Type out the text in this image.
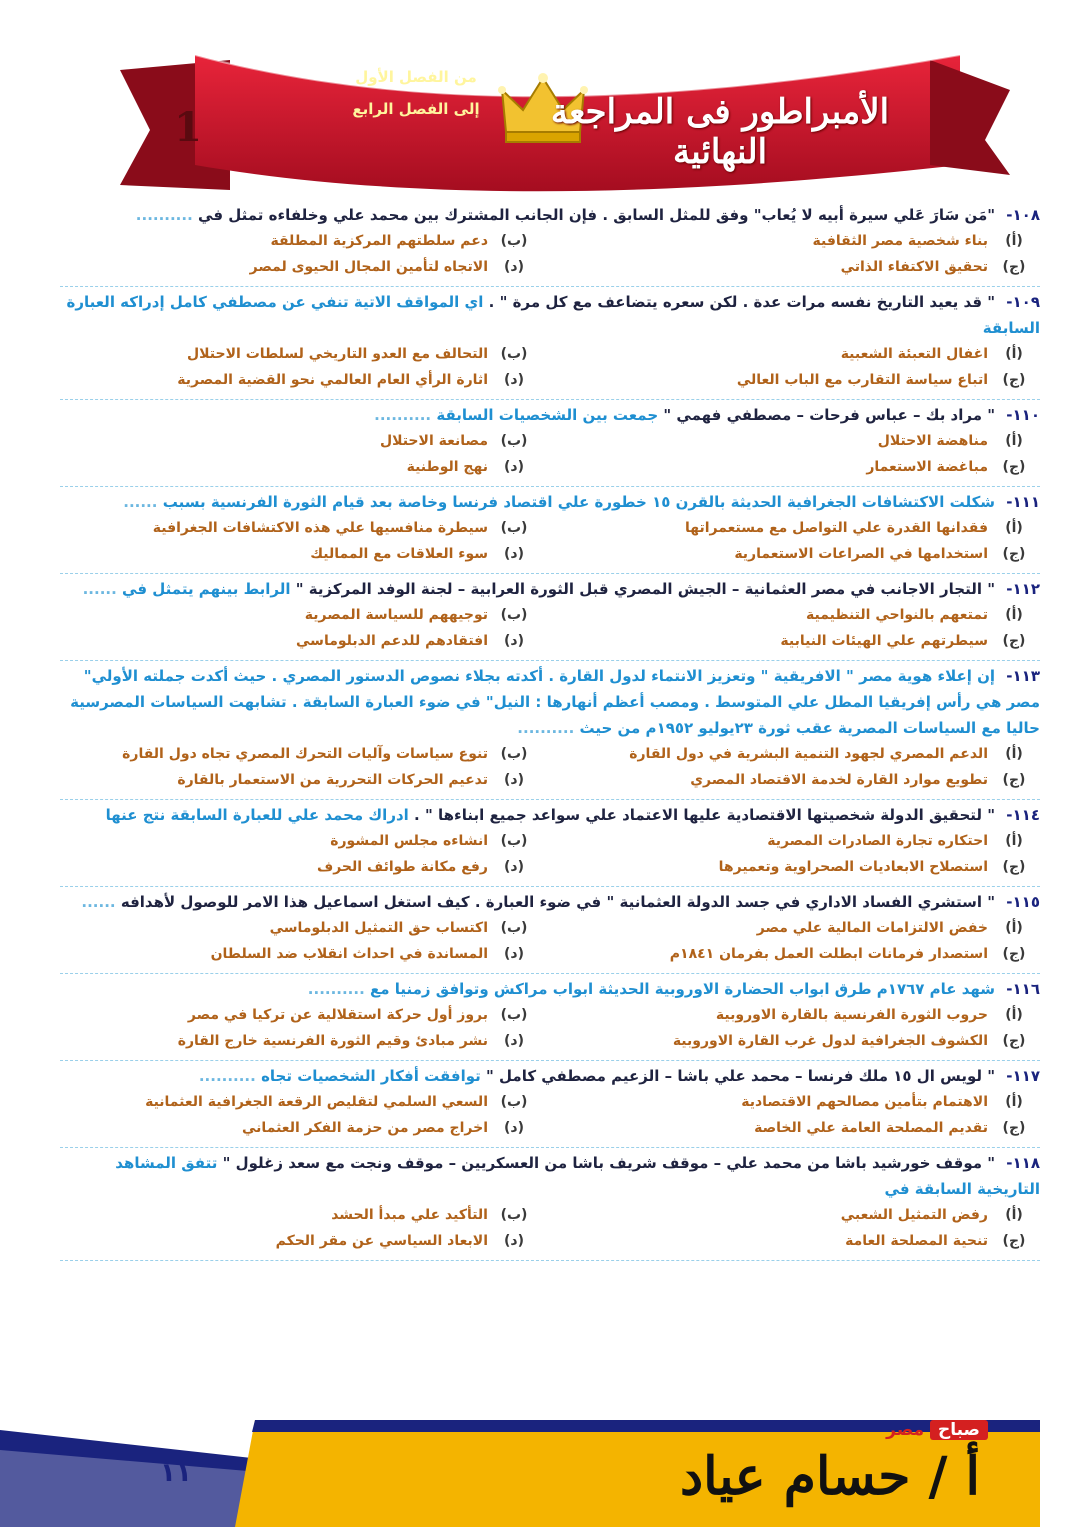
الأمبراطور فى المراجعة النهائية
من الفصل الأول
إلى الفصل الرابع
1
١٠٨- "مَن سَارَ عَلي سيرة أبيه لا يُعاب" وفق للمثل السابق . فإن الجانب المشترك بين محمد علي وخلفاءه تمثل في ..........
(أ)
بناء شخصية مصر الثقافية
(ب)
دعم سلطتهم المركزية المطلقة
(ج)
تحقيق الاكتفاء الذاتي
(د)
الاتجاه لتأمين المجال الحيوى لمصر
١٠٩- " قد يعيد التاريخ نفسه مرات عدة . لكن سعره يتضاعف مع كل مرة " . اي المواقف الاتية تنفي عن مصطفي كامل إدراكه العبارة السابقة
(أ)
اغفال التعبئة الشعبية
(ب)
التحالف مع العدو التاريخي لسلطات الاحتلال
(ج)
اتباع سياسة التقارب مع الباب العالي
(د)
اثارة الرأي العام العالمي نحو القضية المصرية
١١٠- " مراد بك – عباس فرحات – مصطفي فهمي " جمعت بين الشخصيات السابقة ..........
(أ)
مناهضة الاحتلال
(ب)
مصانعة الاحتلال
(ج)
مباغضة الاستعمار
(د)
نهج الوطنية
١١١- شكلت الاكتشافات الجغرافية الحديثة بالقرن ١٥ خطورة علي اقتصاد فرنسا وخاصة بعد قيام الثورة الفرنسية بسبب ......
(أ)
فقدانها القدرة علي التواصل مع مستعمراتها
(ب)
سيطرة منافسيها علي هذه الاكتشافات الجغرافية
(ج)
استخدامها في الصراعات الاستعمارية
(د)
سوء العلاقات مع المماليك
١١٢- " التجار الاجانب في مصر العثمانية – الجيش المصري قبل الثورة العرابية – لجنة الوفد المركزية " الرابط بينهم يتمثل في ......
(أ)
تمتعهم بالنواحي التنظيمية
(ب)
توجيههم للسياسة المصرية
(ج)
سيطرتهم علي الهيئات النيابية
(د)
افتقادهم للدعم الدبلوماسي
١١٣- إن إعلاء هوية مصر " الافريقية " وتعزيز الانتماء لدول القارة . أكدته بجلاء نصوص الدستور المصري . حيث أكدت جملته الأولي" مصر هي رأس إفريقيا المطل علي المتوسط . ومصب أعظم أنهارها : النيل" في ضوء العبارة السابقة . تشابهت السياسات المصرسية حاليا مع السياسات المصرية عقب ثورة ٢٣يوليو ١٩٥٢م من حيث ..........
(أ)
الدعم المصري لجهود التنمية البشرية في دول القارة
(ب)
تنوع سياسات وآليات التحرك المصري تجاه دول القارة
(ج)
تطويع موارد القارة لخدمة الاقتصاد المصري
(د)
تدعيم الحركات التحررية من الاستعمار بالقارة
١١٤- " لتحقيق الدولة شخصيتها الاقتصادية عليها الاعتماد علي سواعد جميع ابناءها " . ادراك محمد علي للعبارة السابقة نتج عنها
(أ)
احتكاره تجارة الصادرات المصرية
(ب)
انشاءه مجلس المشورة
(ج)
استصلاح الابعاديات الصحراوية وتعميرها
(د)
رفع مكانة طوائف الحرف
١١٥- " استشري الفساد الاداري في جسد الدولة العثمانية " في ضوء العبارة . كيف استغل اسماعيل هذا الامر للوصول لأهدافه ......
(أ)
خفض الالتزامات المالية علي مصر
(ب)
اكتساب حق التمثيل الدبلوماسي
(ج)
استصدار فرمانات ابطلت العمل بفرمان ١٨٤١م
(د)
المساندة في احداث انقلاب ضد السلطان
١١٦- شهد عام ١٧٦٧م طرق ابواب الحضارة الاوروبية الحديثة ابواب مراكش وتوافق زمنيا مع ..........
(أ)
حروب الثورة الفرنسية بالقارة الاوروبية
(ب)
بروز أول حركة استقلالية عن تركيا في مصر
(ج)
الكشوف الجغرافية لدول غرب القارة الاوروبية
(د)
نشر مبادئ وقيم الثورة الفرنسية خارج القارة
١١٧- " لويس ال ١٥ ملك فرنسا – محمد علي باشا – الزعيم مصطفي كامل " توافقت أفكار الشخصيات تجاه ..........
(أ)
الاهتمام بتأمين مصالحهم الاقتصادية
(ب)
السعي السلمي لتقليص الرقعة الجغرافية العثمانية
(ج)
تقديم المصلحة العامة علي الخاصة
(د)
اخراج مصر من حزمة الفكر العثماني
١١٨- " موقف خورشيد باشا من محمد علي – موقف شريف باشا من العسكريين – موقف ونجت مع سعد زغلول " تتفق المشاهد التاريخية السابقة في
(أ)
رفض التمثيل الشعبي
(ب)
التأكيد علي مبدأ الحشد
(ج)
تنحية المصلحة العامة
(د)
الابعاد السياسي عن مقر الحكم
١١
صباح
مصر
أ / حسام عياد
